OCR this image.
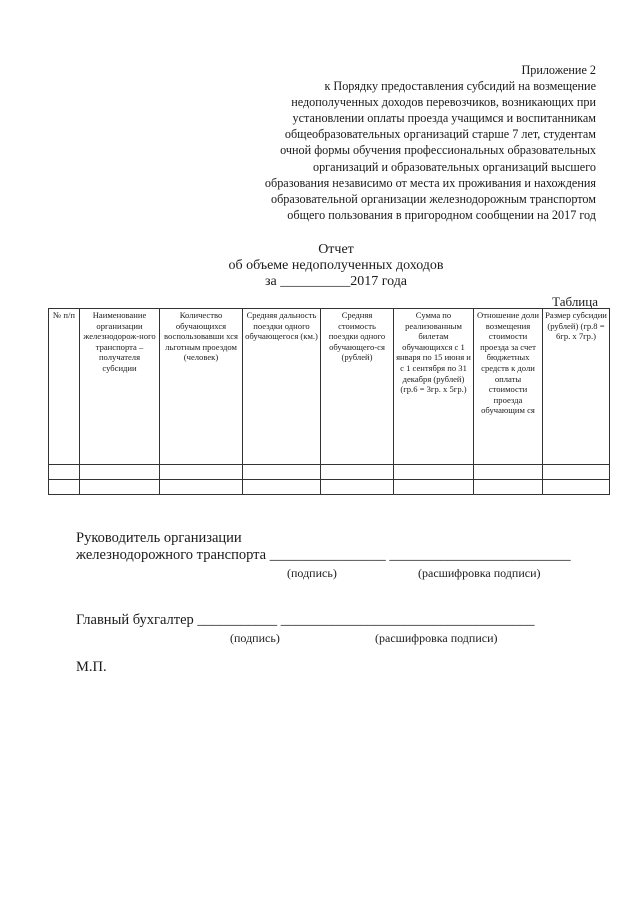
Приложение 2
к Порядку предоставления субсидий на возмещение
недополученных доходов перевозчиков, возникающих при
установлении оплаты проезда учащимся и воспитанникам
общеобразовательных организаций старше 7 лет, студентам
очной формы обучения профессиональных образовательных
организаций и образовательных организаций высшего
образования независимо от места их проживания и нахождения
образовательной организации железнодорожным транспортом
общего пользования в пригородном сообщении на 2017 год
Отчет
об объеме недополученных доходов
за __________2017 года
Таблица
№ п/п	Наименование организации железнодорож-ного транспорта – получателя субсидии	Количество обучающихся воспользовавши хся льготным проездом (человек)	Средняя дальность поездки одного обучающегося (км.)	Средняя стоимость поездки одного обучающего-ся (рублей)	Сумма по реализованным билетам обучающихся с 1 января по 15 июня и с 1 сентября по 31 декабря (рублей) (гр.6 = 3гр. х 5гр.)	Отношение доли возмещения стоимости проезда за счет бюджетных средств к доли оплаты стоимости проезда обучающим ся	Размер субсидии (рублей) (гр.8 = 6гр. х 7гр.)

Руководитель организации
железнодорожного транспорта ________________ _________________________
(подпись)	(расшифровка подписи)
Главный бухгалтер ___________ ___________________________________
(подпись)	(расшифровка подписи)
М.П.
